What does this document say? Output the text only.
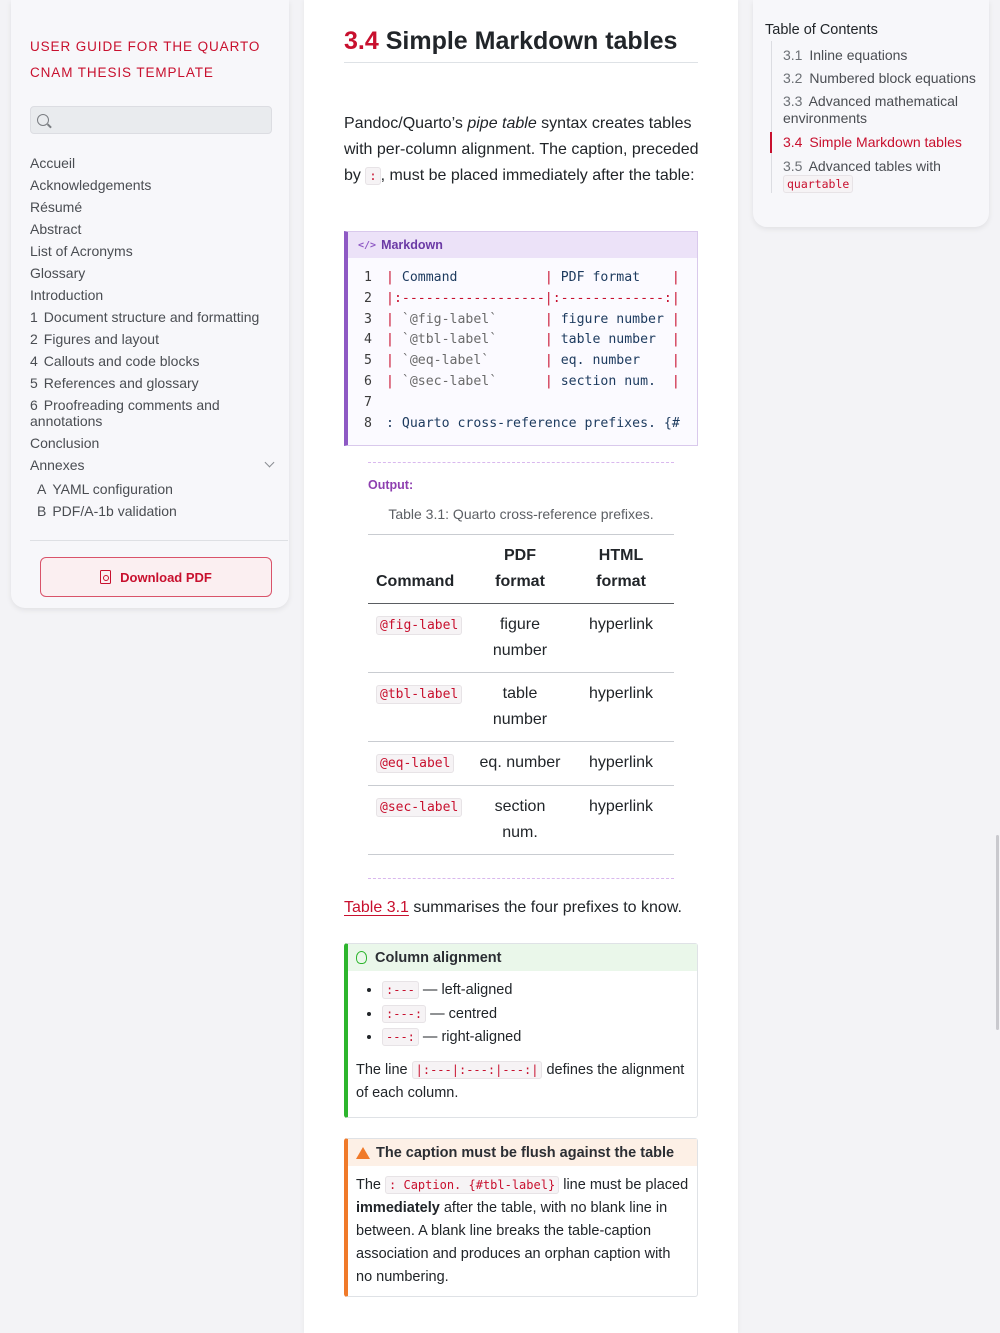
USER GUIDE FOR THE QUARTO CNAM THESIS TEMPLATE
Accueil
Acknowledgements
Résumé
Abstract
List of Acronyms
Glossary
Introduction
1 Document structure and formatting
2 Figures and layout
4 Callouts and code blocks
5 References and glossary
6 Proofreading comments and annotations
Conclusion
Annexes
A YAML configuration
B PDF/A-1b validation
Download PDF
3.4 Simple Markdown tables

Pandoc/Quarto’s pipe table syntax creates tables with per-column alignment. The caption, preceded by : , must be placed immediately after the table:

</> Markdown
1	| Command           | PDF format    |
2	|:------------------|:-------------:|
3	| `@fig-label`	| figure number |
4	| `@tbl-label`	| table number  |
5	| `@eq-label`	| eq. number    |
6	| `@sec-label`	| section num.  |
7
8	: Quarto cross-reference prefixes. {#
Output:
Table 3.1: Quarto cross-reference prefixes.
Command	PDF format	HTML format
@fig-label	figure number	hyperlink
@tbl-label	table number	hyperlink
@eq-label	eq. number	hyperlink
@sec-label	section num.	hyperlink

Table 3.1 summarises the four prefixes to know.

Column alignment
• :--- — left-aligned
• :---: — centred
• ---: — right-aligned

The line |:---|:---:|---:| defines the alignment of each column.

The caption must be flush against the table

The : Caption. {#tbl-label} line must be placed immediately after the table, with no blank line in between. A blank line breaks the table-caption association and produces an orphan caption with no numbering.

Table of Contents
3.1 Inline equations
3.2 Numbered block equations
3.3 Advanced mathematical environments
3.4 Simple Markdown tables
3.5 Advanced tables with quartable
